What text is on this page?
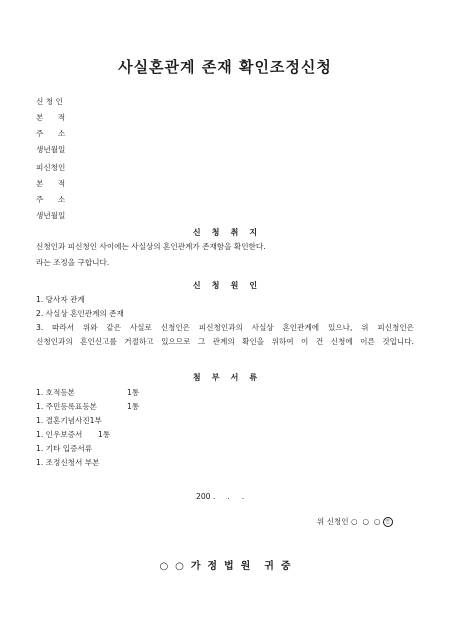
사실혼관계 존재 확인조정신청
신 청 인
본      적
주      소
생년월일
피신청인
본      적
주      소
생년월일
신    청    취    지
신청인과 피신청인 사이에는 사실상의 혼인관계가 존재함을 확인한다.
라는 조정을 구합니다.
신    청    원    인
1. 당사자 관계
2. 사실상 혼인관계의 존재
3. 따라서 위와 같은 사실로 신청인은 피신청인과의 사실상 혼인관계에 있으나, 위 피신청인은
신청인과의 혼인신고를 거절하고 있으므로 그 관계의 확인을 위하여 이 건 신청에 이른 것입니다.
첨    부    서    류
1. 호적등본	1통
1. 주민등록표등본	1통
1. 결혼기념사진1부
1. 인우보증서 1통
1. 기타 입증서류
1. 조정신청서 부본
200 .     .     .

위 신청인 ○  ○  ○ 인

○  ○  가  정  법  원    귀  중
